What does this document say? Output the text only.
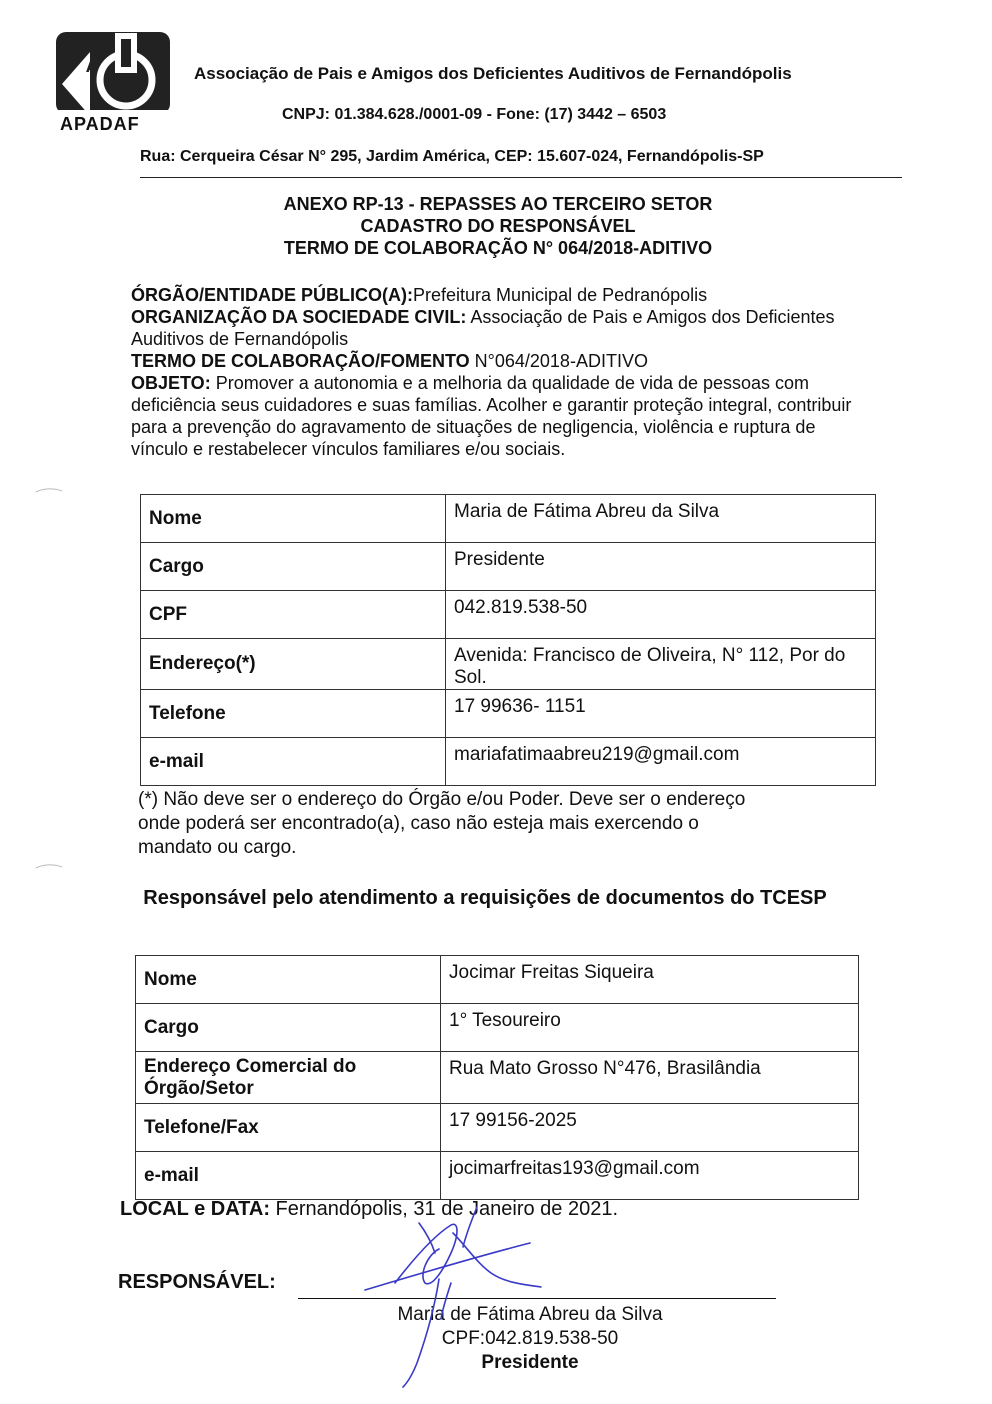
A
APADAF
Associação de Pais e Amigos dos Deficientes Auditivos de Fernandópolis
CNPJ: 01.384.628./0001-09 - Fone: (17) 3442 – 6503
Rua: Cerqueira César N° 295, Jardim América, CEP: 15.607-024, Fernandópolis-SP
ANEXO RP-13 - REPASSES AO TERCEIRO SETOR
CADASTRO DO RESPONSÁVEL
TERMO DE COLABORAÇÃO N° 064/2018-ADITIVO

ÓRGÃO/ENTIDADE PÚBLICO(A):Prefeitura Municipal de Pedranópolis

ORGANIZAÇÃO DA SOCIEDADE CIVIL: Associação de Pais e Amigos dos Deficientes Auditivos de Fernandópolis

TERMO DE COLABORAÇÃO/FOMENTO N°064/2018-ADITIVO

OBJETO: Promover a autonomia e a melhoria da qualidade de vida de pessoas com deficiência seus cuidadores e suas famílias. Acolher e garantir proteção integral, contribuir para a prevenção do agravamento de situações de negligencia, violência e ruptura de vínculo e restabelecer vínculos familiares e/ou sociais.

Nome	Maria de Fátima Abreu da Silva
Cargo	Presidente
CPF	042.819.538-50
Endereço(*)	Avenida: Francisco de Oliveira, N° 112, Por do Sol.
Telefone	17 99636- 1151
e-mail	mariafatimaabreu219@gmail.com
(*) Não deve ser o endereço do Órgão e/ou Poder. Deve ser o endereço onde poderá ser encontrado(a), caso não esteja mais exercendo o mandato ou cargo.
Responsável pelo atendimento a requisições de documentos do TCESP
Nome	Jocimar Freitas Siqueira
Cargo	1° Tesoureiro
Endereço Comercial do Órgão/Setor	Rua Mato Grosso N°476, Brasilândia
Telefone/Fax	17 99156-2025
e-mail	jocimarfreitas193@gmail.com
LOCAL e DATA: Fernandópolis, 31 de Janeiro de 2021.
RESPONSÁVEL:
Maria de Fátima Abreu da Silva
CPF:042.819.538-50
Presidente
